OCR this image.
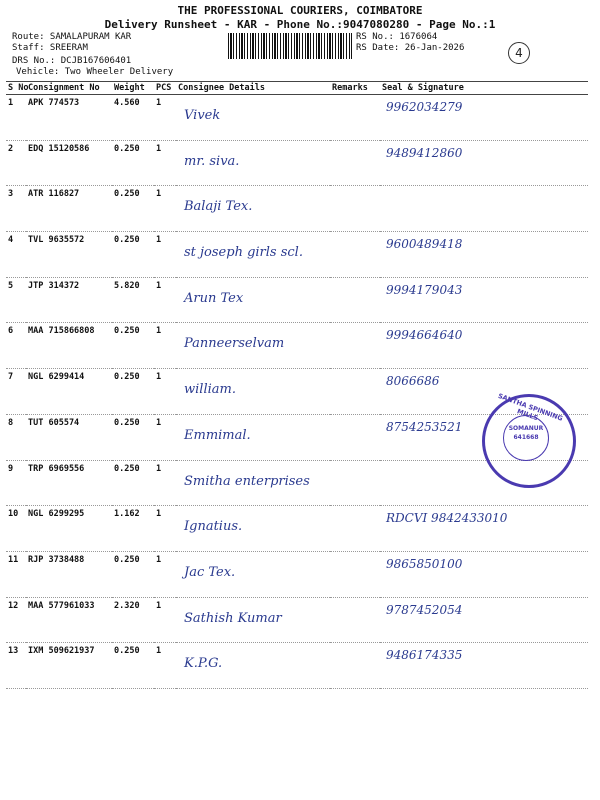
THE PROFESSIONAL COURIERS, COIMBATORE
Delivery Runsheet - KAR - Phone No.:9047080280 - Page No.:1
Route: SAMALAPURAM KAR
Staff: SREERAM
DRS No.: DCJB167606401
Vehicle: Two Wheeler Delivery
RS No.: 1676064
RS Date: 26-Jan-2026	4
S No	Consignment No	Weight	PCS	Consignee Details	Remarks	Seal & Signature
1	APK 774573	4.560	1	Vivek		9962034279
2	EDQ 15120586	0.250	1	mr. siva.		9489412860
3	ATR 116827	0.250	1	Balaji Tex.		
4	TVL 9635572	0.250	1	st joseph girls scl.		9600489418
5	JTP 314372	5.820	1	Arun Tex		9994179043
6	MAA 715866808	0.250	1	Panneerselvam		9994664640
7	NGL 6299414	0.250	1	william.		8066686
8	TUT 605574	0.250	1	Emmimal.		8754253521
9	TRP 6969556	0.250	1	Smitha enterprises		
10	NGL 6299295	1.162	1	Ignatius.		RDCVI 9842433010
11	RJP 3738488	0.250	1	Jac Tex.		9865850100
12	MAA 577961033	2.320	1	Sathish Kumar		9787452054
13	IXM 509621937	0.250	1	K.P.G.		9486174335
SANTHA SPINNING MILLS
SOMANUR 641668
